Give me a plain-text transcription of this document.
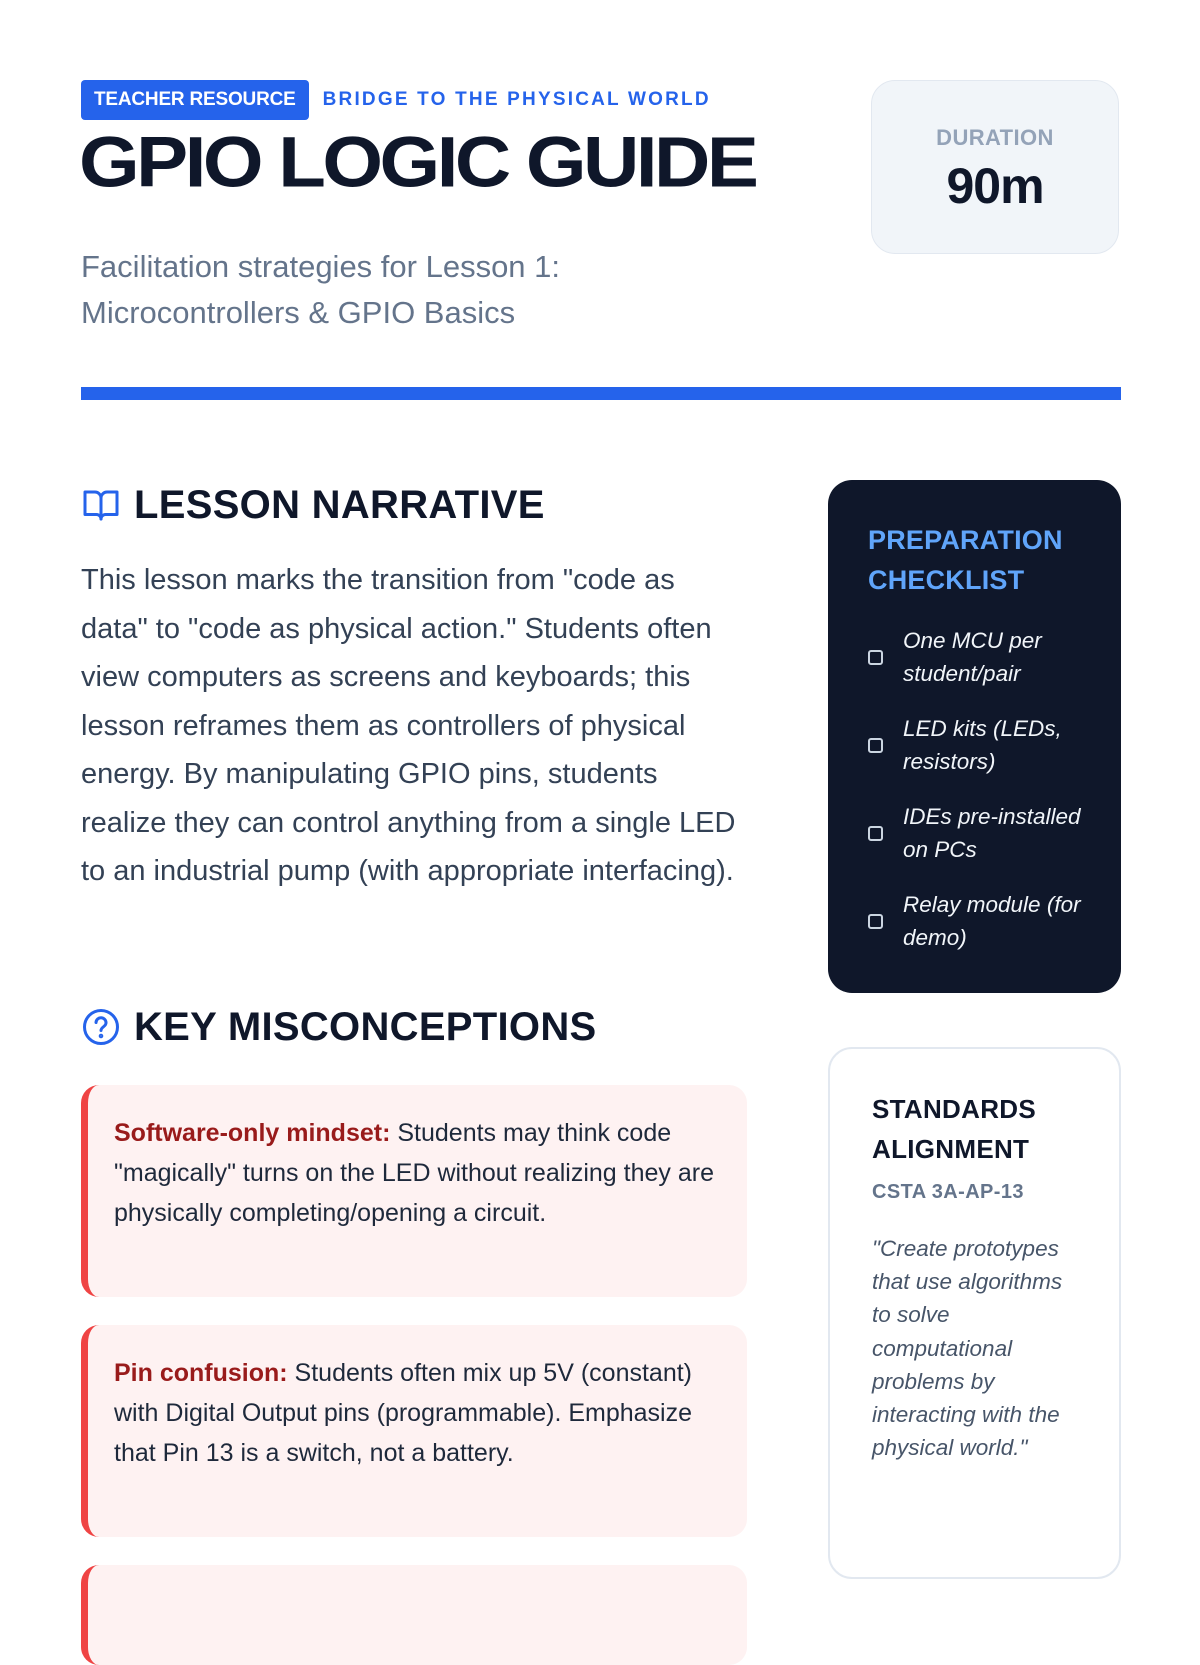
TEACHER RESOURCE	BRIDGE TO THE PHYSICAL WORLD
GPIO LOGIC GUIDE

Facilitation strategies for Lesson 1:
Microcontrollers & GPIO Basics

DURATION
90m
LESSON NARRATIVE

This lesson marks the transition from "code as data" to "code as physical action." Students often view computers as screens and keyboards; this lesson reframes them as controllers of physical energy. By manipulating GPIO pins, students realize they can control anything from a single LED to an industrial pump (with appropriate interfacing).

KEY MISCONCEPTIONS
Software-only mindset: Students may think code "magically" turns on the LED without realizing they are physically completing/opening a circuit.
Pin confusion: Students often mix up 5V (constant) with Digital Output pins (programmable). Emphasize that Pin 13 is a switch, not a battery.
PREPARATION CHECKLIST
One MCU per student/pair
LED kits (LEDs, resistors)
IDEs pre-installed on PCs
Relay module (for demo)
STANDARDS ALIGNMENT
CSTA 3A-AP-13
"Create prototypes that use algorithms to solve computational problems by interacting with the physical world."
